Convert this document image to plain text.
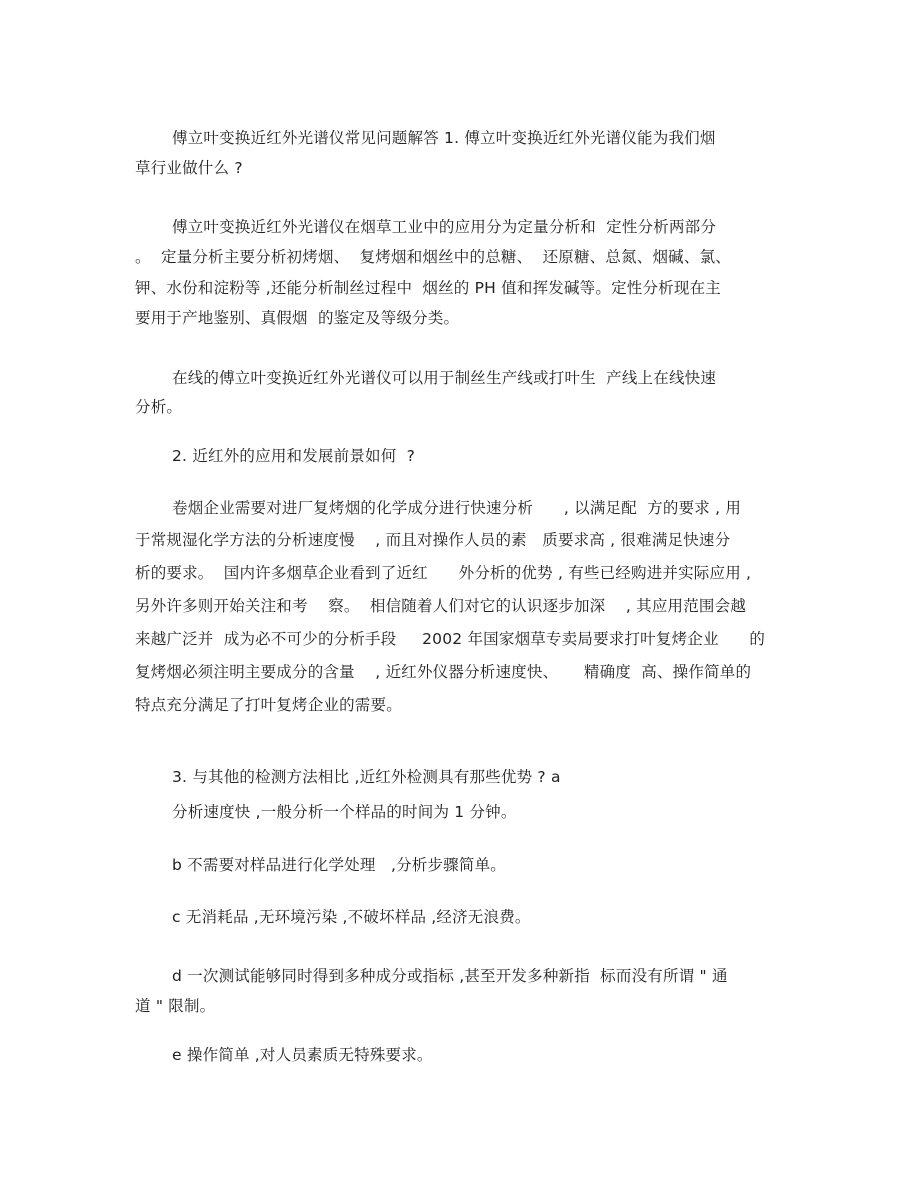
傅立叶变换近红外光谱仪常见问题解答 1. 傅立叶变换近红外光谱仪能为我们烟
草行业做什么 ?
傅立叶变换近红外光谱仪在烟草工业中的应用分为定量分析和  定性分析两部分
。  定量分析主要分析初烤烟、  复烤烟和烟丝中的总糖、  还原糖、总氮、烟碱、氯、
钾、水份和淀粉等 ,还能分析制丝过程中  烟丝的 PH 值和挥发碱等。定性分析现在主
要用于产地鉴别、真假烟  的鉴定及等级分类。
在线的傅立叶变换近红外光谱仪可以用于制丝生产线或打叶生  产线上在线快速
分析。
2. 近红外的应用和发展前景如何  ?
卷烟企业需要对进厂复烤烟的化学成分进行快速分析      , 以满足配  方的要求 , 用
于常规湿化学方法的分析速度慢    , 而且对操作人员的素   质要求高 , 很难满足快速分
析的要求。  国内许多烟草企业看到了近红      外分析的优势 , 有些已经购进并实际应用 ,
另外许多则开始关注和考    察。  相信随着人们对它的认识逐步加深    , 其应用范围会越
来越广泛并  成为必不可少的分析手段     2002 年国家烟草专卖局要求打叶复烤企业      的
复烤烟必须注明主要成分的含量    , 近红外仪器分析速度快、     精确度  高、操作简单的
特点充分满足了打叶复烤企业的需要。
3. 与其他的检测方法相比 ,近红外检测具有那些优势 ? a
分析速度快 ,一般分析一个样品的时间为 1 分钟。
b 不需要对样品进行化学处理   ,分析步骤简单。
c 无消耗品 ,无环境污染 ,不破坏样品 ,经济无浪费。
d 一次测试能够同时得到多种成分或指标 ,甚至开发多种新指  标而没有所谓 " 通
道 " 限制。
e 操作简单 ,对人员素质无特殊要求。
